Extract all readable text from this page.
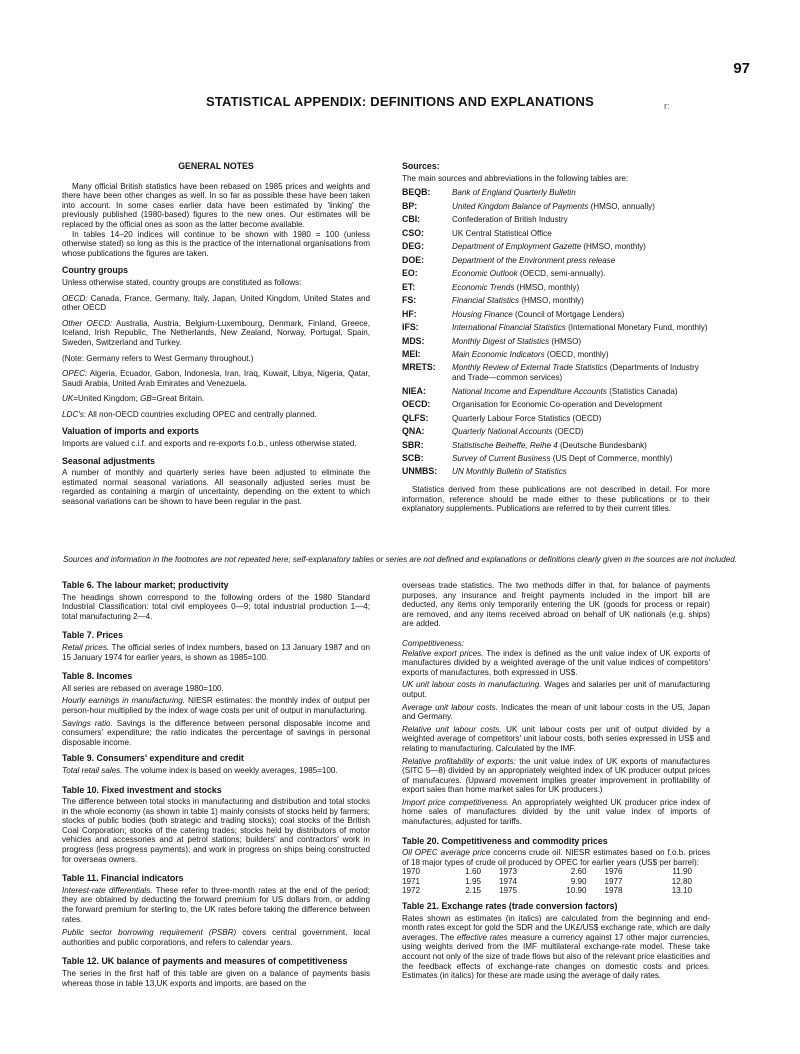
97
STATISTICAL APPENDIX: DEFINITIONS AND EXPLANATIONS	r:
GENERAL NOTES

Many official British statistics have been rebased on 1985 prices and weights and there have been other changes as well. In so far as possible these have been taken into account. In some cases earlier data have been estimated by 'linking' the previously published (1980-based) figures to the new ones. Our estimates will be replaced by the official ones as soon as the latter become available.

In tables 14–20 indices will continue to be shown with 1980 = 100 (unless otherwise stated) so long as this is the practice of the international organisations from whose publications the figures are taken.

Country groups

Unless otherwise stated, country groups are constituted as follows:

OECD: Canada, France, Germany, Italy, Japan, United Kingdom, United States and other OECD

Other OECD: Australia, Austria, Belgium-Luxembourg, Denmark, Finland, Greece, Iceland, Irish Republic, The Netherlands, New Zealand, Norway, Portugal, Spain, Sweden, Switzerland and Turkey.

(Note: Germany refers to West Germany throughout.)

OPEC: Algeria, Ecuador, Gabon, Indonesia, Iran, Iraq, Kuwait, Libya, Nigeria, Qatar, Saudi Arabia, United Arab Emirates and Venezuela.

UK=United Kingdom; GB=Great Britain.

LDC's: All non-OECD countries excluding OPEC and centrally planned.

Valuation of imports and exports

Imports are valued c.i.f. and exports and re-exports f.o.b., unless otherwise stated.

Seasonal adjustments

A number of monthly and quarterly series have been adjusted to eliminate the estimated normal seasonal variations. All seasonally adjusted series must be regarded as containing a margin of uncertainty, depending on the extent to which seasonal variations can be shown to have been regular in the past.

Sources:

The main sources and abbreviations in the following tables are:

BEQB:	Bank of England Quarterly Bulletin
BP:	United Kingdom Balance of Payments (HMSO, annually)
CBI:	Confederation of British Industry
CSO:	UK Central Statistical Office
DEG:	Department of Employment Gazette (HMSO, monthly)
DOE:	Department of the Environment press release
EO:	Economic Outlook (OECD, semi-annually).
ET:	Economic Trends (HMSO, monthly)
FS:	Financial Statistics (HMSO, monthly)
HF:	Housing Finance (Council of Mortgage Lenders)
IFS:	International Financial Statistics (International Monetary Fund, monthly)
MDS:	Monthly Digest of Statistics (HMSO)
MEI:	Main Economic Indicators (OECD, monthly)
MRETS:	Monthly Review of External Trade Statistics (Departments of Industry and Trade—common services)
NIEA:	National Income and Expenditure Accounts (Statistics Canada)
OECD:	Organisation for Economic Co-operation and Development
QLFS:	Quarterly Labour Force Statistics (OECD)
QNA:	Quarterly National Accounts (OECD)
SBR:	Statistische Beiheffe, Reihe 4 (Deutsche Bundesbank)
SCB:	Survey of Current Business (US Dept of Commerce, monthly)
UNMBS:	UN Monthly Bulletin of Statistics

Statistics derived from these publications are not described in detail. For more information, reference should be made either to these publications or to their explanatory supplements. Publications are referred to by their current titles.

Sources and information in the footnotes are not repeated here; self-explanatory tables or series are not defined and explanations or definitions clearly given in the sources are not included.
Table 6. The labour market; productivity

The headings shown correspond to the following orders of the 1980 Standard Industrial Classification: total civil employees 0—9; total industrial production 1—4; total manufacturing 2—4.

Table 7. Prices

Retail prices. The official series of index numbers, based on 13 January 1987 and on 15 January 1974 for earlier years, is shown as 1985=100.

Table 8. Incomes

All series are rebased on average 1980=100.

Hourly earnings in manufacturing. NIESR estimates: the monthly index of output per person-hour multiplied by the index of wage costs per unit of output in manufacturing.

Savings ratio. Savings is the difference between personal disposable income and consumers' expenditure; the ratio indicates the percentage of savings in personal disposable income.

Table 9. Consumers' expenditure and credit

Total retail sales. The volume index is based on weekly averages, 1985=100.

Table 10. Fixed investment and stocks

The difference between total stocks in manufacturing and distribution and total stocks in the whole economy (as shown in table 1) mainly consists of stocks held by farmers; stocks of public bodies (both strategic and trading stocks); coal stocks of the British Coal Corporation; stocks of the catering trades; stocks held by distributors of motor vehicles and accessories and at petrol stations; builders' and contractors' work in progress (less progress payments); and work in progress on ships being constructed for overseas owners.

Table 11. Financial indicators

Interest-rate differentials. These refer to three-month rates at the end of the period; they are obtained by deducting the forward premium for US dollars from, or adding the forward premium for sterling to, the UK rates before taking the difference between rates.

Public sector borrowing requirement (PSBR) covers central government, local authorities and public corporations, and refers to calendar years.

Table 12. UK balance of payments and measures of competitiveness

The series in the first half of this table are given on a balance of payments basis whereas those in table 13,UK exports and imports, are based on the

overseas trade statistics. The two methods differ in that, for balance of payments purposes, any insurance and freight payments included in the import bill are deducted, any items only temporarily entering the UK (goods for process or repair) are removed, and any items received abroad on behalf of UK nationals (e.g. ships) are added.

Competitiveness:

Relative export prices. The index is defined as the unit value index of UK exports of manufactures divided by a weighted average of the unit value indices of competitors' exports of manufactures, both expressed in US$.

UK unit labour costs in manufacturing. Wages and salaries per unit of manufacturing output.

Average unit labour costs. Indicates the mean of unit labour costs in the US, Japan and Germany.

Relative unit labour costs. UK unit labour costs per unit of output divided by a weighted average of competitors' unit labour costs, both series expressed in US$ and relating to manufacturing. Calculated by the IMF.

Relative profitability of exports: the unit value index of UK exports of manufactures (SITC 5—8) divided by an appropriately weighted index of UK producer output prices of manufacures. (Upward movement implies greater improvement in profitability of export sales than home market sales for UK producers.)

Import price competitiveness. An appropriately weighted UK producer price index of home sales of manufactures divided by the unit value index of imports of manufactures, adjusted for tariffs.

Table 20. Competitiveness and commodity prices

Oil OPEC average price concerns crude oil. NIESR estimates based on f.o.b. prices of 18 major types of crude oil produced by OPEC for earlier years (US$ per barrel):

1970	1.60	1973	2.60	1976	11.90
1971	1.95	1974	9.90	1977	12.80
1972	2.15	1975	10.90	1978	13.10
Table 21. Exchange rates (trade conversion factors)

Rates shown as estimates (in italics) are calculated from the beginning and end-month rates except for gold the SDR and the UK£/US$ exchange rate, which are daily averages. The effective rates measure a currency against 17 other major currencies, using weights derived from the IMF multilateral exchange-rate model. These take account not only of the size of trade flows but also of the relevant price elasticities and the feedback effects of exchange-rate changes on domestic costs and prices. Estimates (in italics) for these are made using the average of daily rates.
